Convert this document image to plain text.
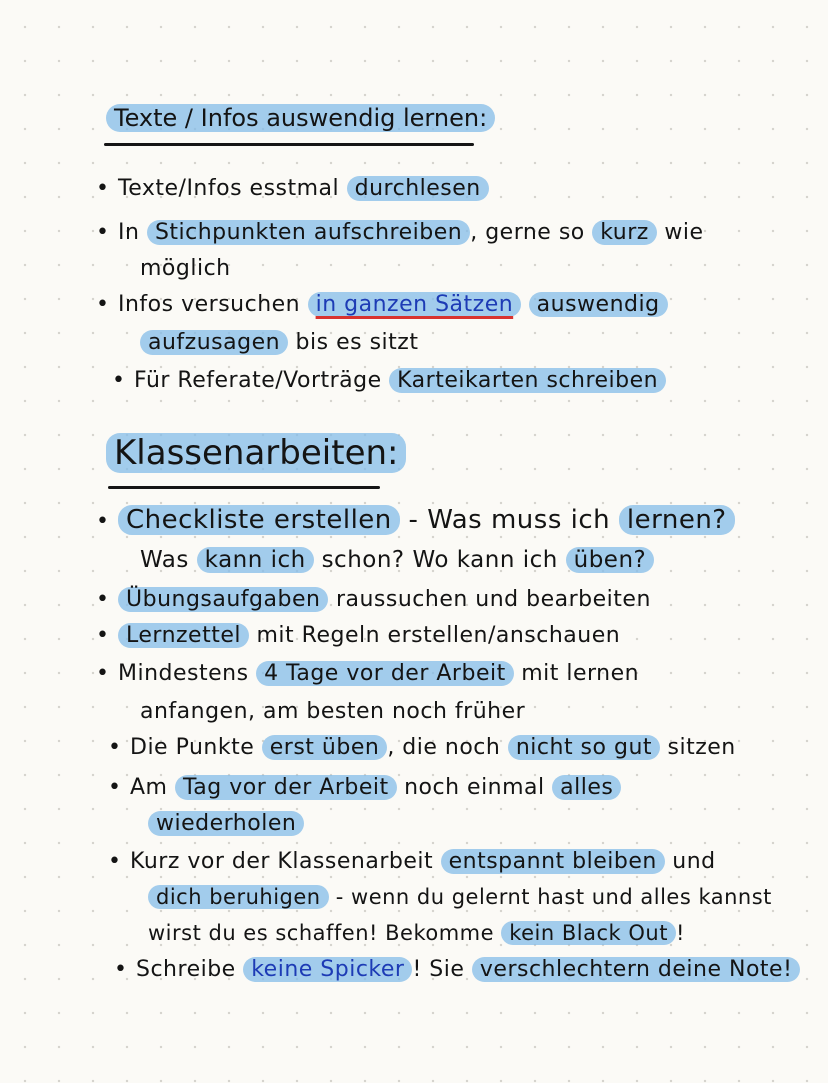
Texte / Infos auswendig lernen:
• Texte/Infos esstmal durchlesen
• In Stichpunkten aufschreiben , gerne so kurz wie
möglich
• Infos versuchen in ganzen Sätzen auswendig
aufzusagen bis es sitzt
• Für Referate/Vorträge Karteikarten schreiben
Klassenarbeiten:
• Checkliste erstellen - Was muss ich lernen?
Was kann ich schon? Wo kann ich üben?
• Übungsaufgaben raussuchen und bearbeiten
• Lernzettel mit Regeln erstellen/anschauen
• Mindestens 4 Tage vor der Arbeit mit lernen
anfangen, am besten noch früher
• Die Punkte erst üben , die noch nicht so gut sitzen
• Am Tag vor der Arbeit noch einmal alles
wiederholen
• Kurz vor der Klassenarbeit entspannt bleiben und
dich beruhigen - wenn du gelernt hast und alles kannst
wirst du es schaffen! Bekomme kein Black Out !
• Schreibe keine Spicker ! Sie verschlechtern deine Note!
